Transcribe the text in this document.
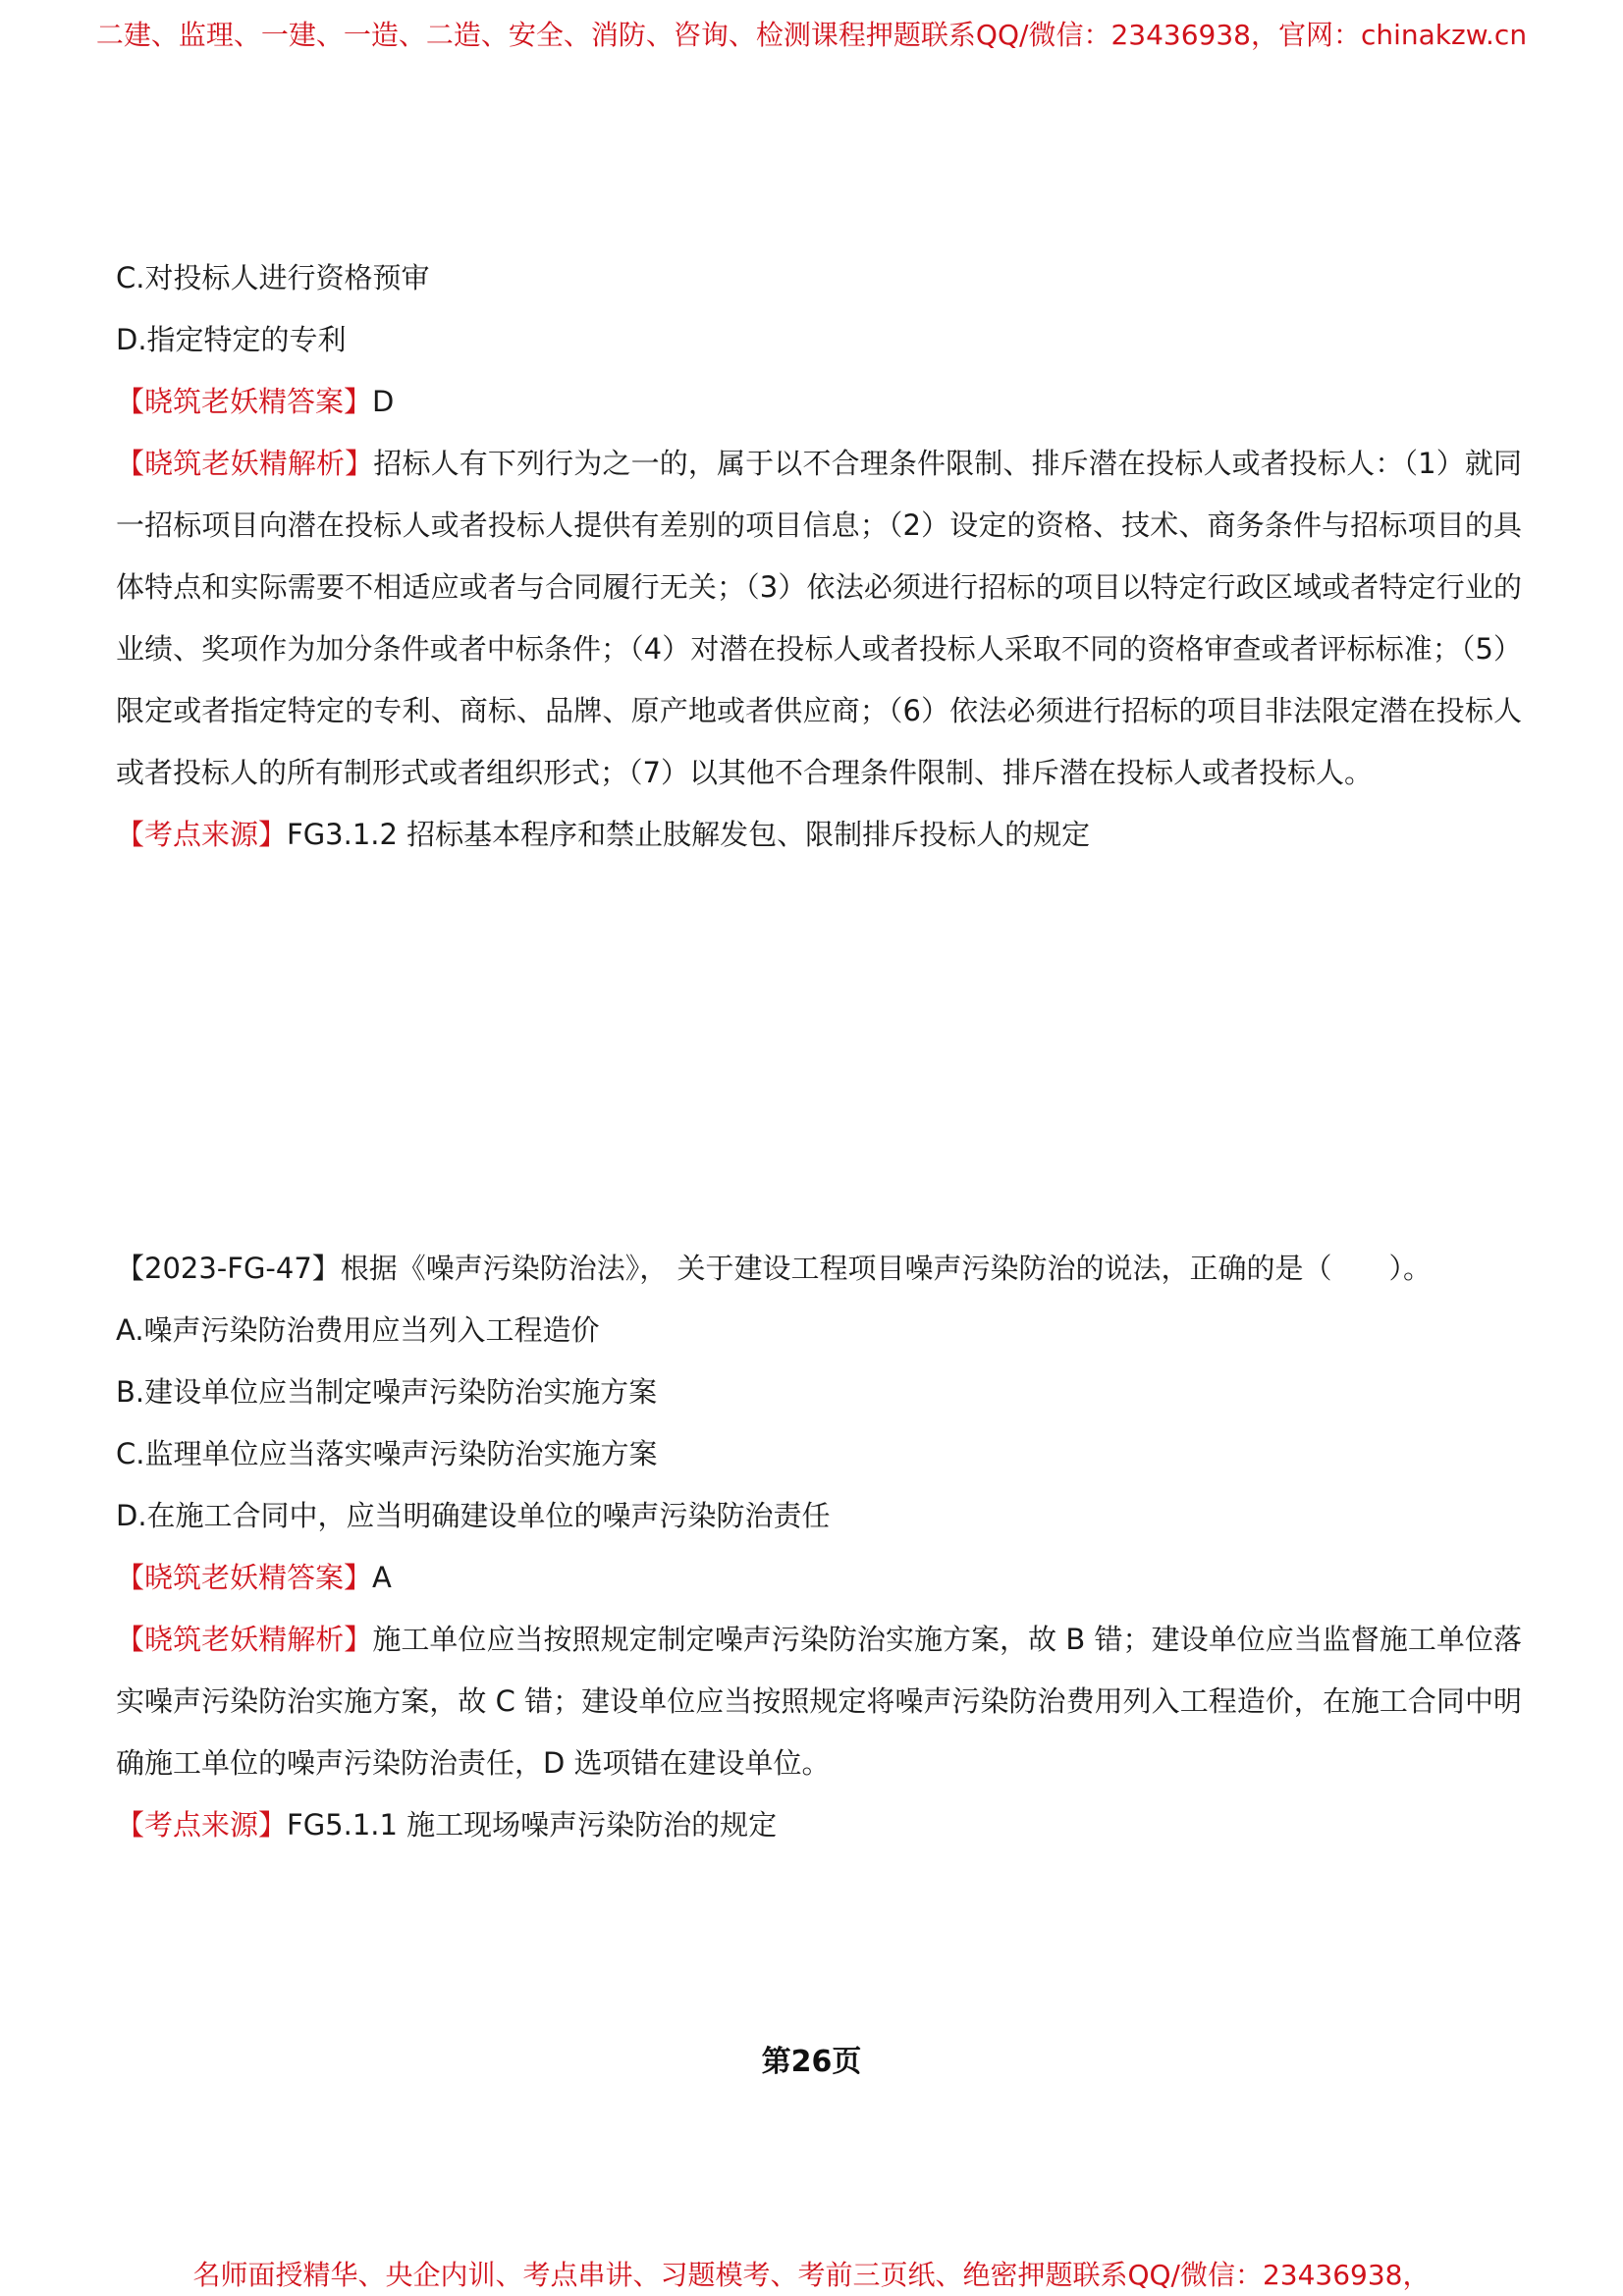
二建、监理、一建、一造、二造、安全、消防、咨询、检测课程押题联系QQ/微信：23436938，官网：chinakzw.cn
C.对投标人进行资格预审
D.指定特定的专利
【晓筑老妖精答案】D
【晓筑老妖精解析】招标人有下列行为之一的，属于以不合理条件限制、排斥潜在投标人或者投标人：（1）就同一招标项目向潜在投标人或者投标人提供有差别的项目信息；（2）设定的资格、技术、商务条件与招标项目的具体特点和实际需要不相适应或者与合同履行无关；（3）依法必须进行招标的项目以特定行政区域或者特定行业的业绩、奖项作为加分条件或者中标条件；（4）对潜在投标人或者投标人采取不同的资格审查或者评标标准；（5）限定或者指定特定的专利、商标、品牌、原产地或者供应商；（6）依法必须进行招标的项目非法限定潜在投标人或者投标人的所有制形式或者组织形式；（7）以其他不合理条件限制、排斥潜在投标人或者投标人。
【考点来源】FG3.1.2 招标基本程序和禁止肢解发包、限制排斥投标人的规定
【2023-FG-47】根据《噪声污染防治法》， 关于建设工程项目噪声污染防治的说法，正确的是（　　）。
A.噪声污染防治费用应当列入工程造价
B.建设单位应当制定噪声污染防治实施方案
C.监理单位应当落实噪声污染防治实施方案
D.在施工合同中，应当明确建设单位的噪声污染防治责任
【晓筑老妖精答案】A
【晓筑老妖精解析】施工单位应当按照规定制定噪声污染防治实施方案，故 B 错；建设单位应当监督施工单位落实噪声污染防治实施方案，故 C 错；建设单位应当按照规定将噪声污染防治费用列入工程造价，在施工合同中明确施工单位的噪声污染防治责任，D 选项错在建设单位。
【考点来源】FG5.1.1 施工现场噪声污染防治的规定
第26页
名师面授精华、央企内训、考点串讲、习题模考、考前三页纸、绝密押题联系QQ/微信：23436938，
